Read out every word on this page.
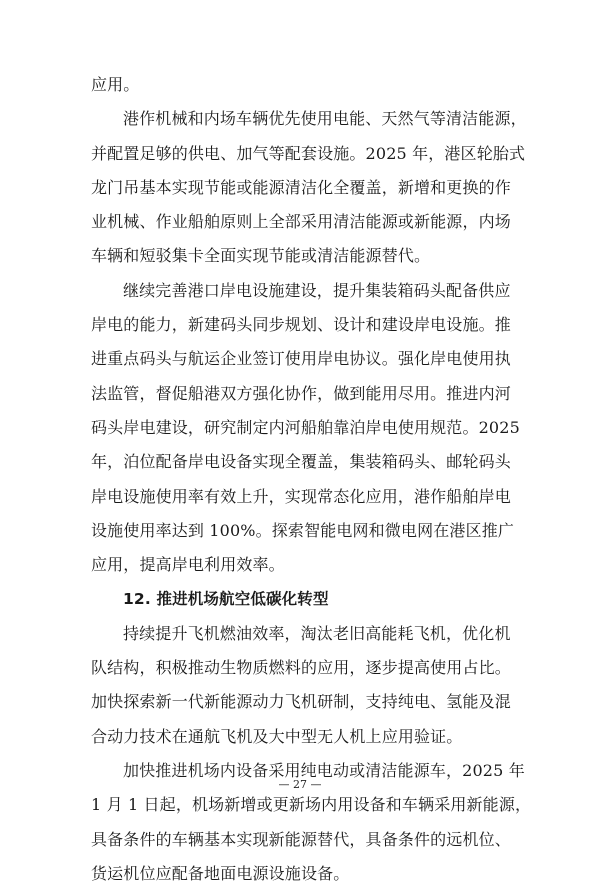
应用。
港作机械和内场车辆优先使用电能、天然气等清洁能源，
并配置足够的供电、加气等配套设施。2025 年，港区轮胎式
龙门吊基本实现节能或能源清洁化全覆盖，新增和更换的作
业机械、作业船舶原则上全部采用清洁能源或新能源，内场
车辆和短驳集卡全面实现节能或清洁能源替代。
继续完善港口岸电设施建设，提升集装箱码头配备供应
岸电的能力，新建码头同步规划、设计和建设岸电设施。推
进重点码头与航运企业签订使用岸电协议。强化岸电使用执
法监管，督促船港双方强化协作，做到能用尽用。推进内河
码头岸电建设，研究制定内河船舶靠泊岸电使用规范。2025
年，泊位配备岸电设备实现全覆盖，集装箱码头、邮轮码头
岸电设施使用率有效上升，实现常态化应用，港作船舶岸电
设施使用率达到 100%。探索智能电网和微电网在港区推广
应用，提高岸电利用效率。
12. 推进机场航空低碳化转型
持续提升飞机燃油效率，淘汰老旧高能耗飞机，优化机
队结构，积极推动生物质燃料的应用，逐步提高使用占比。
加快探索新一代新能源动力飞机研制，支持纯电、氢能及混
合动力技术在通航飞机及大中型无人机上应用验证。
加快推进机场内设备采用纯电动或清洁能源车，2025 年
1 月 1 日起，机场新增或更新场内用设备和车辆采用新能源，
具备条件的车辆基本实现新能源替代，具备条件的远机位、
货运机位应配备地面电源设施设备。
— 27 —
